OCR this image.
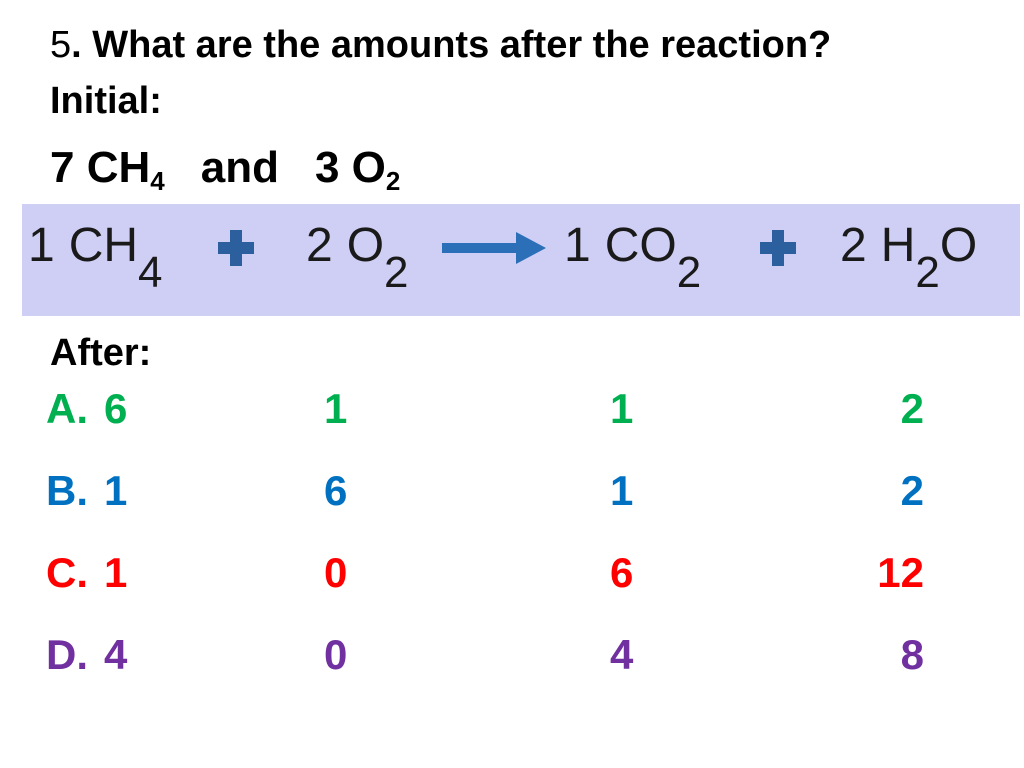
5. What are the amounts after the reaction?
Initial:
7 $CH_4$ and 3 $O_2$
1 $CH_4$
2 $O_2$
1 $CO_2$
2 $H_2O$
After:
A. 6	1	1	2
B. 1	6	1	2
C. 1	0	6	12
D. 4	0	4	8
